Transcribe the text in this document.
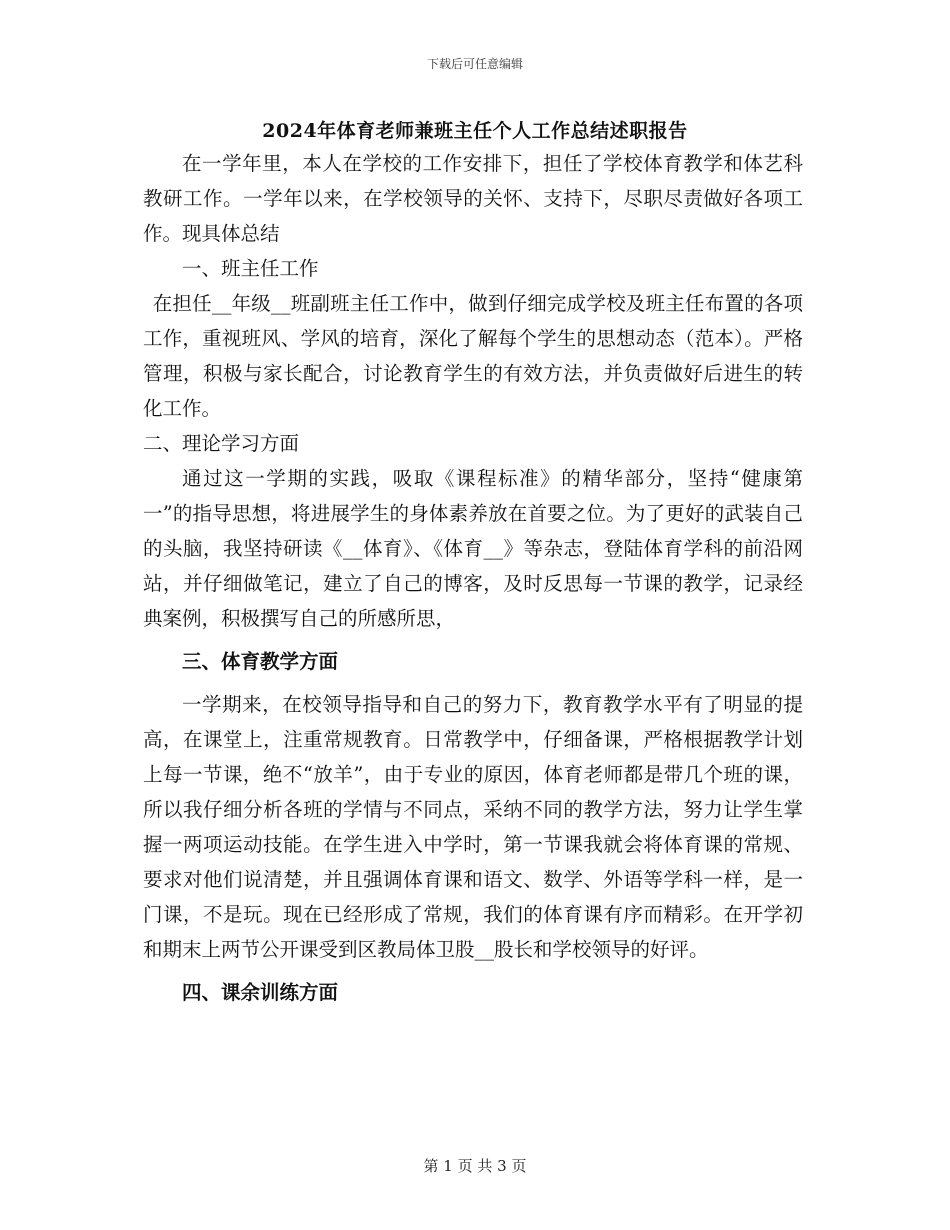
下载后可任意编辑
2024年体育老师兼班主任个人工作总结述职报告

在一学年里，本人在学校的工作安排下，担任了学校体育教学和体艺科教研工作。一学年以来，在学校领导的关怀、支持下，尽职尽责做好各项工作。现具体总结

一、班主任工作

在担任__年级__班副班主任工作中，做到仔细完成学校及班主任布置的各项工作，重视班风、学风的培育，深化了解每个学生的思想动态（范本）。严格管理，积极与家长配合，讨论教育学生的有效方法，并负责做好后进生的转化工作。

二、理论学习方面

通过这一学期的实践，吸取《课程标准》的精华部分，坚持“健康第一”的指导思想，将进展学生的身体素养放在首要之位。为了更好的武装自己的头脑，我坚持研读《__体育》、《体育__》等杂志，登陆体育学科的前沿网站，并仔细做笔记，建立了自己的博客，及时反思每一节课的教学，记录经典案例，积极撰写自己的所感所思，

三、体育教学方面

一学期来，在校领导指导和自己的努力下，教育教学水平有了明显的提高，在课堂上，注重常规教育。日常教学中，仔细备课，严格根据教学计划上每一节课，绝不“放羊”，由于专业的原因，体育老师都是带几个班的课，所以我仔细分析各班的学情与不同点，采纳不同的教学方法，努力让学生掌握一两项运动技能。在学生进入中学时，第一节课我就会将体育课的常规、要求对他们说清楚，并且强调体育课和语文、数学、外语等学科一样，是一门课，不是玩。现在已经形成了常规，我们的体育课有序而精彩。在开学初和期末上两节公开课受到区教局体卫股__股长和学校领导的好评。

四、课余训练方面

第 1 页 共 3 页
